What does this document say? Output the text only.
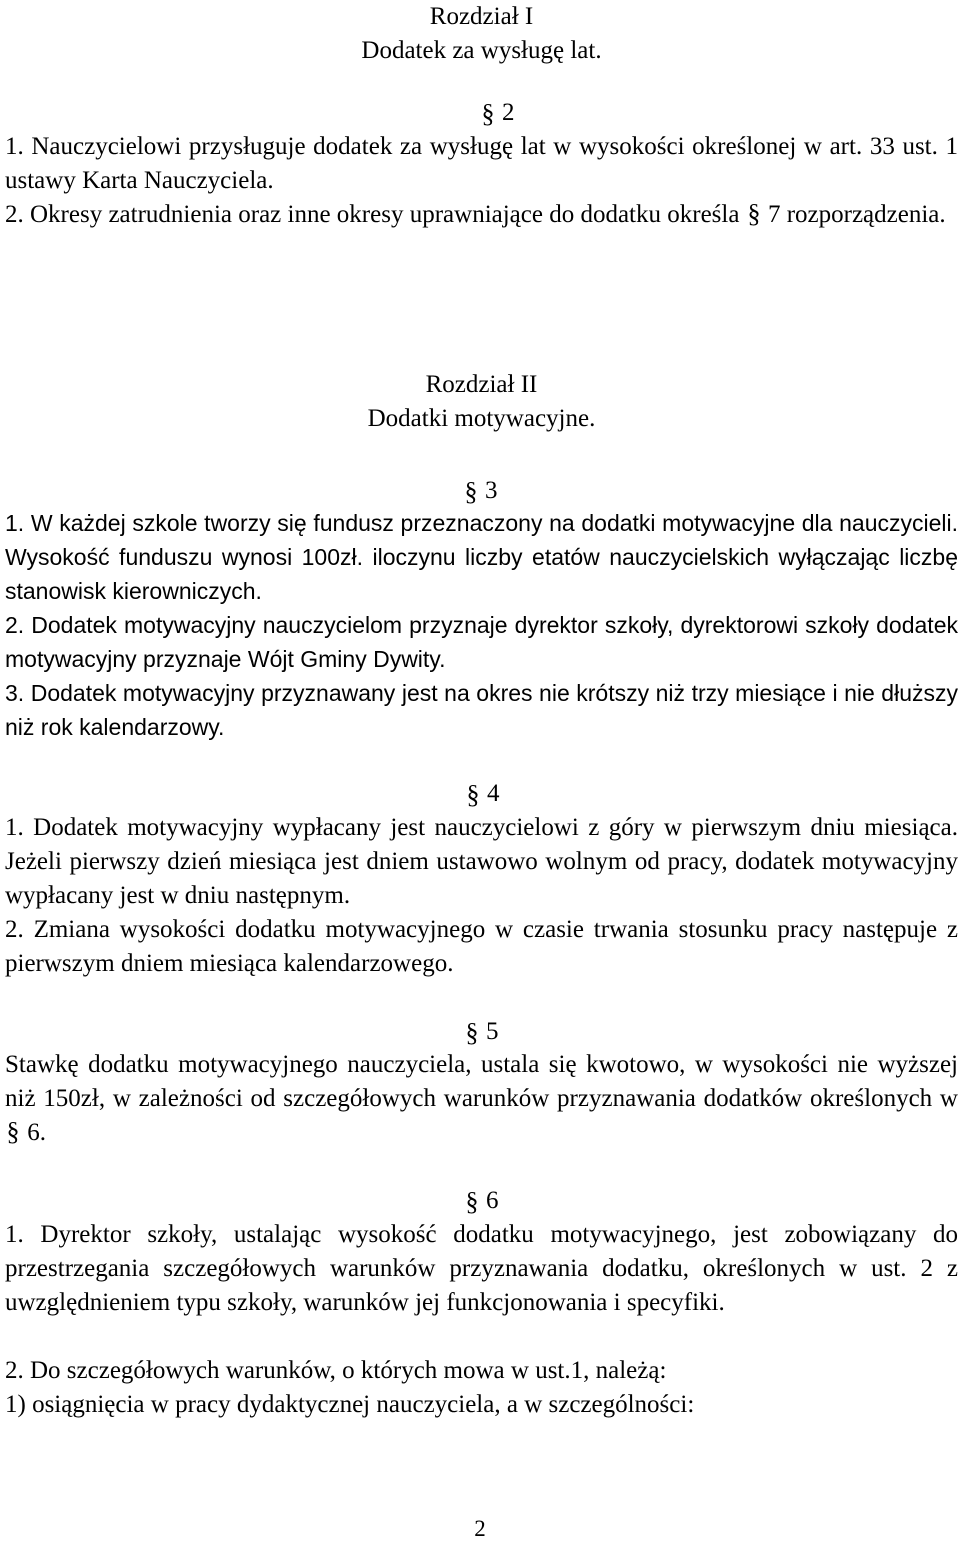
Rozdział I
Dodatek za wysługę lat.
§ 2
1. Nauczycielowi przysługuje dodatek za wysługę lat w wysokości określonej w art. 33 ust. 1 ustawy Karta Nauczyciela.
2. Okresy zatrudnienia oraz inne okresy uprawniające do dodatku określa § 7 rozporządzenia.
Rozdział II
Dodatki motywacyjne.
§ 3
1. W każdej szkole tworzy się fundusz przeznaczony na dodatki motywacyjne dla nauczycieli. Wysokość funduszu wynosi 100zł. iloczynu liczby etatów nauczycielskich wyłączając liczbę stanowisk kierowniczych.
2. Dodatek motywacyjny nauczycielom przyznaje dyrektor szkoły, dyrektorowi szkoły dodatek motywacyjny przyznaje Wójt Gminy Dywity.
3. Dodatek motywacyjny przyznawany jest na okres nie krótszy niż trzy miesiące i nie dłuższy niż rok kalendarzowy.
§ 4
1. Dodatek motywacyjny wypłacany jest nauczycielowi z góry w pierwszym dniu miesiąca. Jeżeli pierwszy dzień miesiąca jest dniem ustawowo wolnym od pracy, dodatek motywacyjny wypłacany jest w dniu następnym.
2. Zmiana wysokości dodatku motywacyjnego w czasie trwania stosunku pracy następuje z pierwszym dniem miesiąca kalendarzowego.
§ 5
Stawkę dodatku motywacyjnego nauczyciela, ustala się kwotowo, w wysokości nie wyższej niż 150zł, w zależności od szczegółowych warunków przyznawania dodatków określonych w
§ 6.
§ 6
1. Dyrektor szkoły, ustalając wysokość dodatku motywacyjnego, jest zobowiązany do przestrzegania szczegółowych warunków przyznawania dodatku, określonych w ust. 2 z uwzględnieniem typu szkoły, warunków jej funkcjonowania i specyfiki.
2. Do szczegółowych warunków, o których mowa w ust.1, należą:
1) osiągnięcia w pracy dydaktycznej nauczyciela, a w szczególności:
2
